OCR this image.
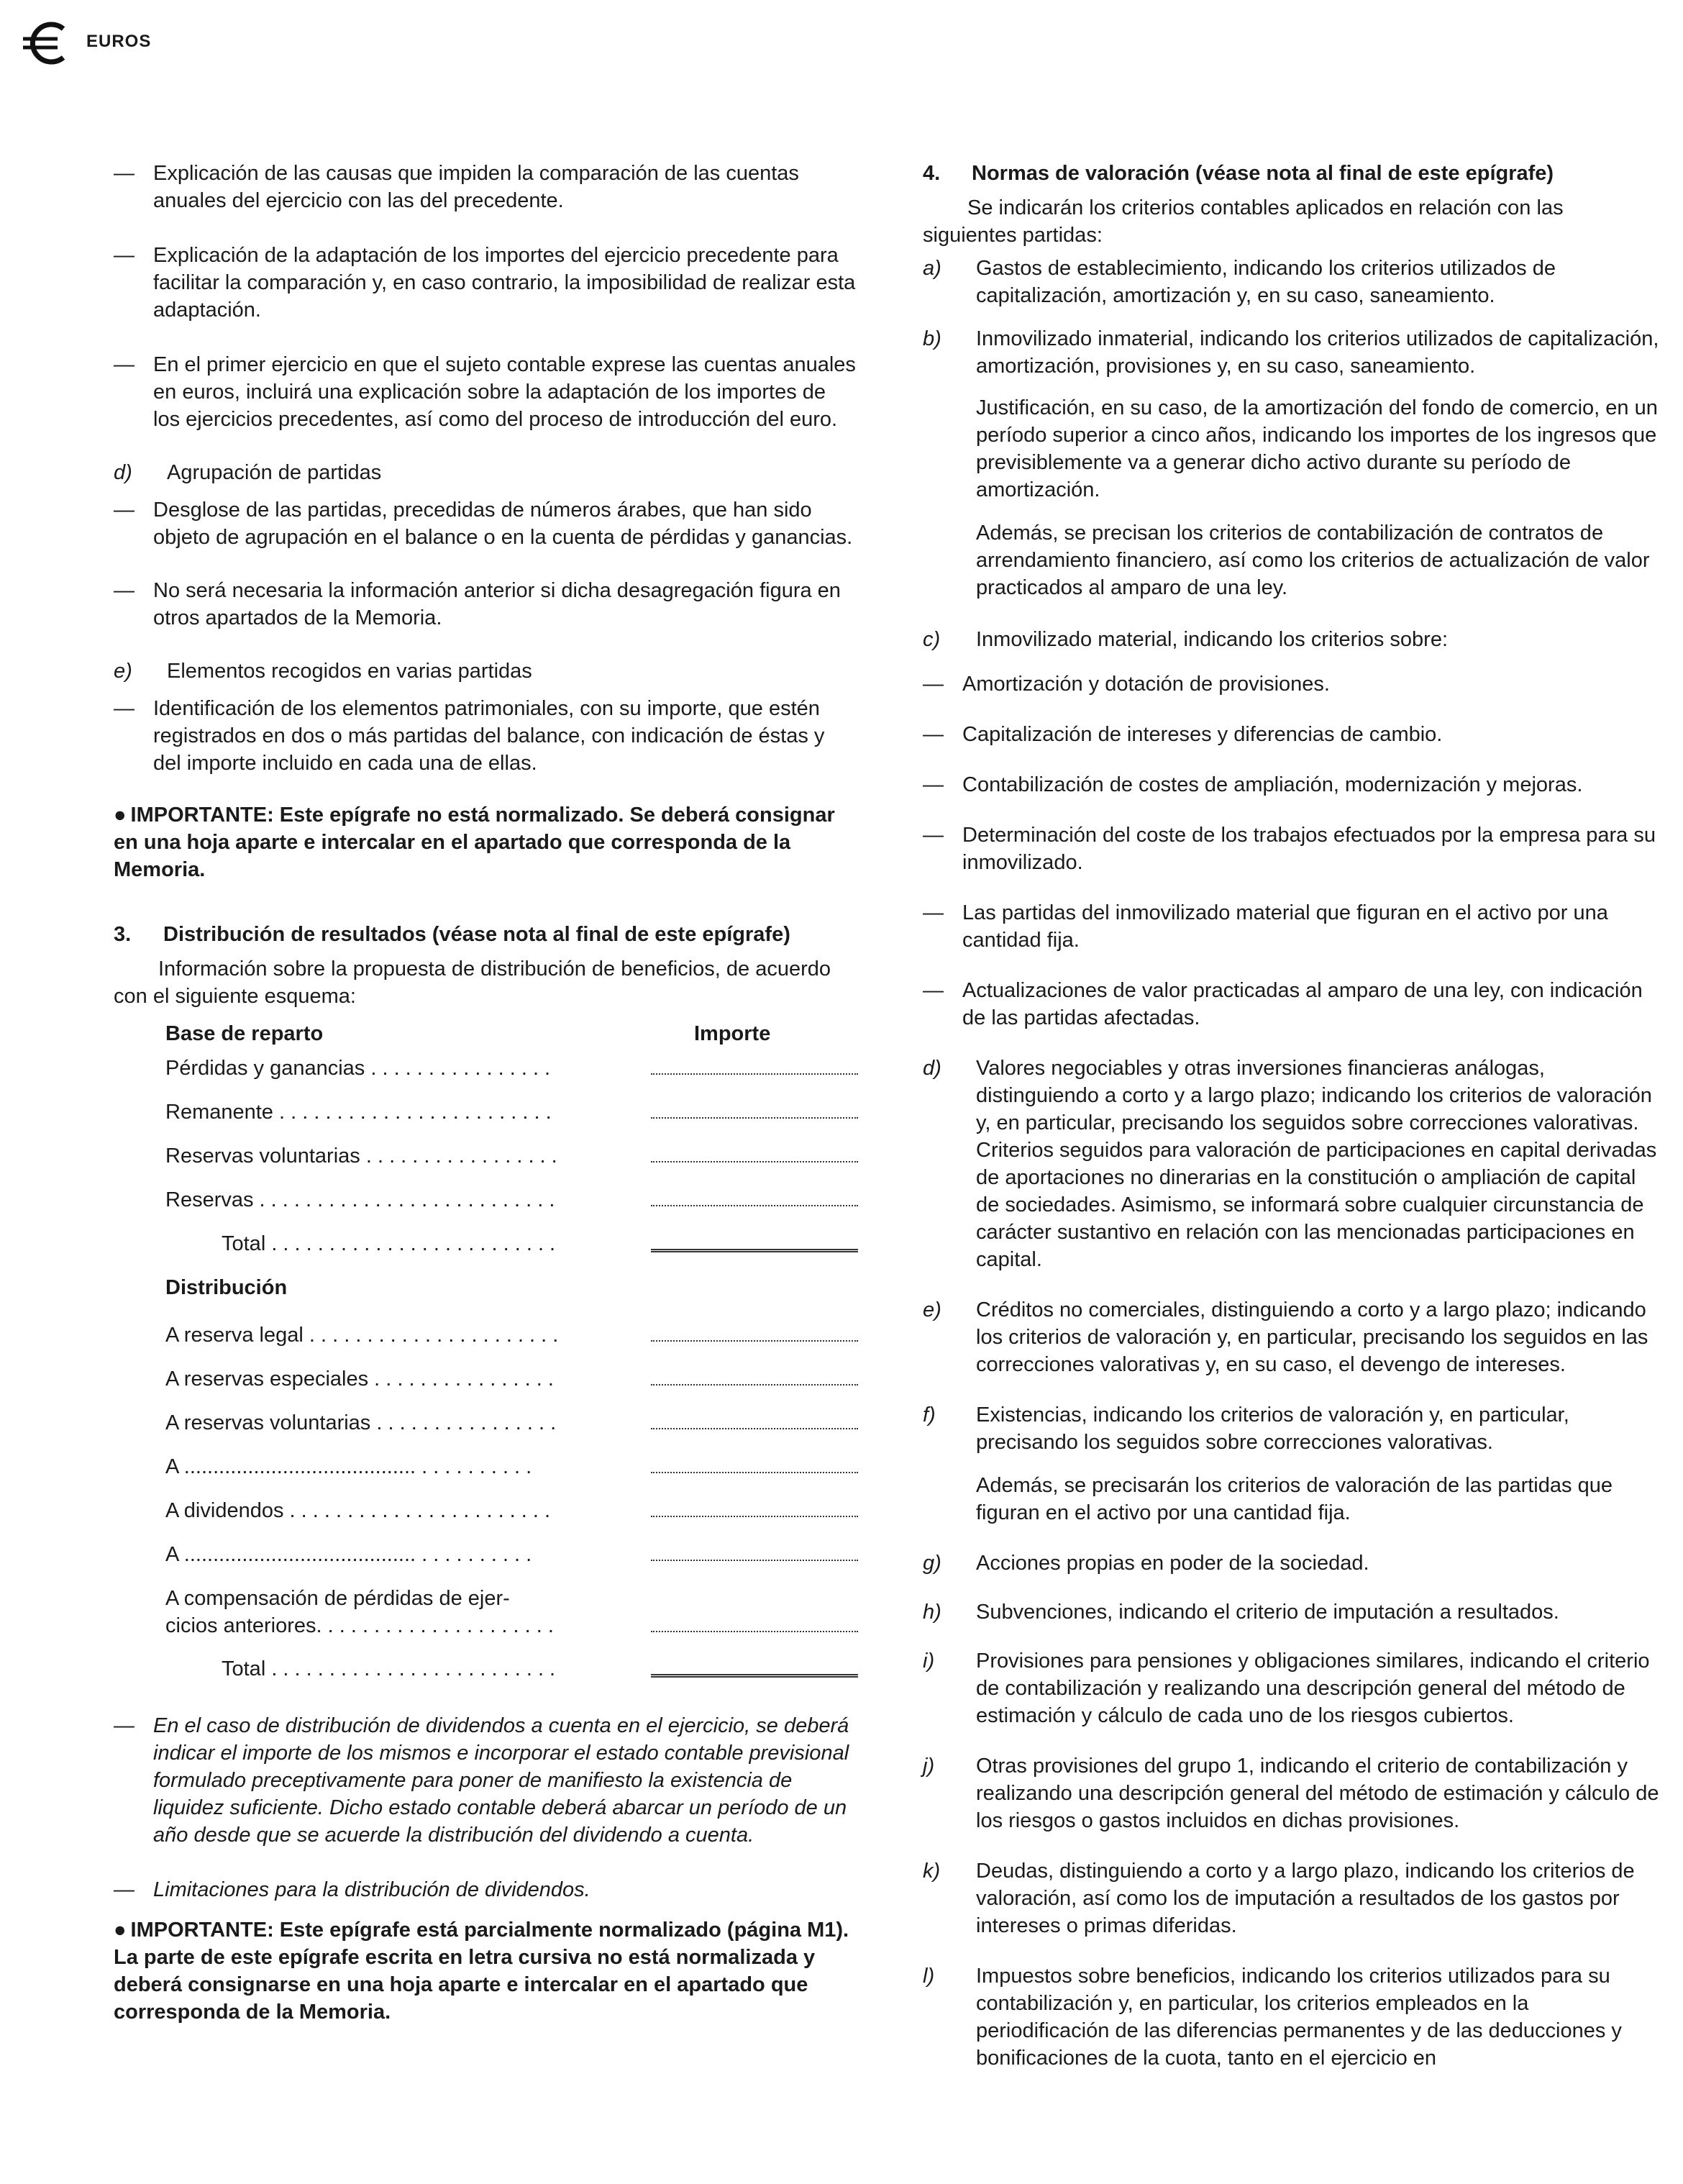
EUROS
— Explicación de las causas que impiden la comparación de las cuentas anuales del ejercicio con las del precedente.
— Explicación de la adaptación de los importes del ejercicio precedente para facilitar la comparación y, en caso contrario, la imposibilidad de realizar esta adaptación.
— En el primer ejercicio en que el sujeto contable exprese las cuentas anuales en euros, incluirá una explicación sobre la adaptación de los importes de los ejercicios precedentes, así como del proceso de introducción del euro.
d) Agrupación de partidas
— Desglose de las partidas, precedidas de números árabes, que han sido objeto de agrupación en el balance o en la cuenta de pérdidas y ganancias.
— No será necesaria la información anterior si dicha desagregación figura en otros apartados de la Memoria.
e) Elementos recogidos en varias partidas
— Identificación de los elementos patrimoniales, con su importe, que estén registrados en dos o más partidas del balance, con indicación de éstas y del importe incluido en cada una de ellas.
● IMPORTANTE: Este epígrafe no está normalizado. Se deberá consignar en una hoja aparte e intercalar en el apartado que corresponda de la Memoria.
3. Distribución de resultados (véase nota al final de este epígrafe)
Información sobre la propuesta de distribución de beneficios, de acuerdo con el siguiente esquema:
Base de reparto	Importe
Pérdidas y ganancias . . . . . . . . . . . . . . . .
Remanente . . . . . . . . . . . . . . . . . . . . . . . .
Reservas voluntarias . . . . . . . . . . . . . . . . .
Reservas . . . . . . . . . . . . . . . . . . . . . . . . . .
Total . . . . . . . . . . . . . . . . . . . . . . . . .
Distribución
A reserva legal . . . . . . . . . . . . . . . . . . . . . .
A reservas especiales . . . . . . . . . . . . . . . .
A reservas voluntarias . . . . . . . . . . . . . . . .
A ........................................ . . . . . . . . . .
A dividendos . . . . . . . . . . . . . . . . . . . . . . .
A ........................................ . . . . . . . . . .
A compensación de pérdidas de ejer-
cicios anteriores. . . . . . . . . . . . . . . . . . . . .
Total . . . . . . . . . . . . . . . . . . . . . . . . .
— En el caso de distribución de dividendos a cuenta en el ejercicio, se deberá indicar el importe de los mismos e incorporar el estado contable previsional formulado preceptivamente para poner de manifiesto la existencia de liquidez suficiente. Dicho estado contable deberá abarcar un período de un año desde que se acuerde la distribución del dividendo a cuenta.
— Limitaciones para la distribución de dividendos.
● IMPORTANTE: Este epígrafe está parcialmente normalizado (página M1). La parte de este epígrafe escrita en letra cursiva no está normalizada y deberá consignarse en una hoja aparte e intercalar en el apartado que corresponda de la Memoria.
4. Normas de valoración (véase nota al final de este epígrafe)
Se indicarán los criterios contables aplicados en relación con las siguientes partidas:
a) Gastos de establecimiento, indicando los criterios utilizados de capitalización, amortización y, en su caso, saneamiento.
b) Inmovilizado inmaterial, indicando los criterios utilizados de capitalización, amortización, provisiones y, en su caso, saneamiento.
Justificación, en su caso, de la amortización del fondo de comercio, en un período superior a cinco años, indicando los importes de los ingresos que previsiblemente va a generar dicho activo durante su período de amortización.
Además, se precisan los criterios de contabilización de contratos de arrendamiento financiero, así como los criterios de actualización de valor practicados al amparo de una ley.
c) Inmovilizado material, indicando los criterios sobre:
— Amortización y dotación de provisiones.
— Capitalización de intereses y diferencias de cambio.
— Contabilización de costes de ampliación, modernización y mejoras.
— Determinación del coste de los trabajos efectuados por la empresa para su inmovilizado.
— Las partidas del inmovilizado material que figuran en el activo por una cantidad fija.
— Actualizaciones de valor practicadas al amparo de una ley, con indicación de las partidas afectadas.
d) Valores negociables y otras inversiones financieras análogas, distinguiendo a corto y a largo plazo; indicando los criterios de valoración y, en particular, precisando los seguidos sobre correcciones valorativas. Criterios seguidos para valoración de participaciones en capital derivadas de aportaciones no dinerarias en la constitución o ampliación de capital de sociedades. Asimismo, se informará sobre cualquier circunstancia de carácter sustantivo en relación con las mencionadas participaciones en capital.
e) Créditos no comerciales, distinguiendo a corto y a largo plazo; indicando los criterios de valoración y, en particular, precisando los seguidos en las correcciones valorativas y, en su caso, el devengo de intereses.
f) Existencias, indicando los criterios de valoración y, en particular, precisando los seguidos sobre correcciones valorativas.
Además, se precisarán los criterios de valoración de las partidas que figuran en el activo por una cantidad fija.
g) Acciones propias en poder de la sociedad.
h) Subvenciones, indicando el criterio de imputación a resultados.
i) Provisiones para pensiones y obligaciones similares, indicando el criterio de contabilización y realizando una descripción general del método de estimación y cálculo de cada uno de los riesgos cubiertos.
j) Otras provisiones del grupo 1, indicando el criterio de contabilización y realizando una descripción general del método de estimación y cálculo de los riesgos o gastos incluidos en dichas provisiones.
k) Deudas, distinguiendo a corto y a largo plazo, indicando los criterios de valoración, así como los de imputación a resultados de los gastos por intereses o primas diferidas.
l) Impuestos sobre beneficios, indicando los criterios utilizados para su contabilización y, en particular, los criterios empleados en la periodificación de las diferencias permanentes y de las deducciones y bonificaciones de la cuota, tanto en el ejercicio en
